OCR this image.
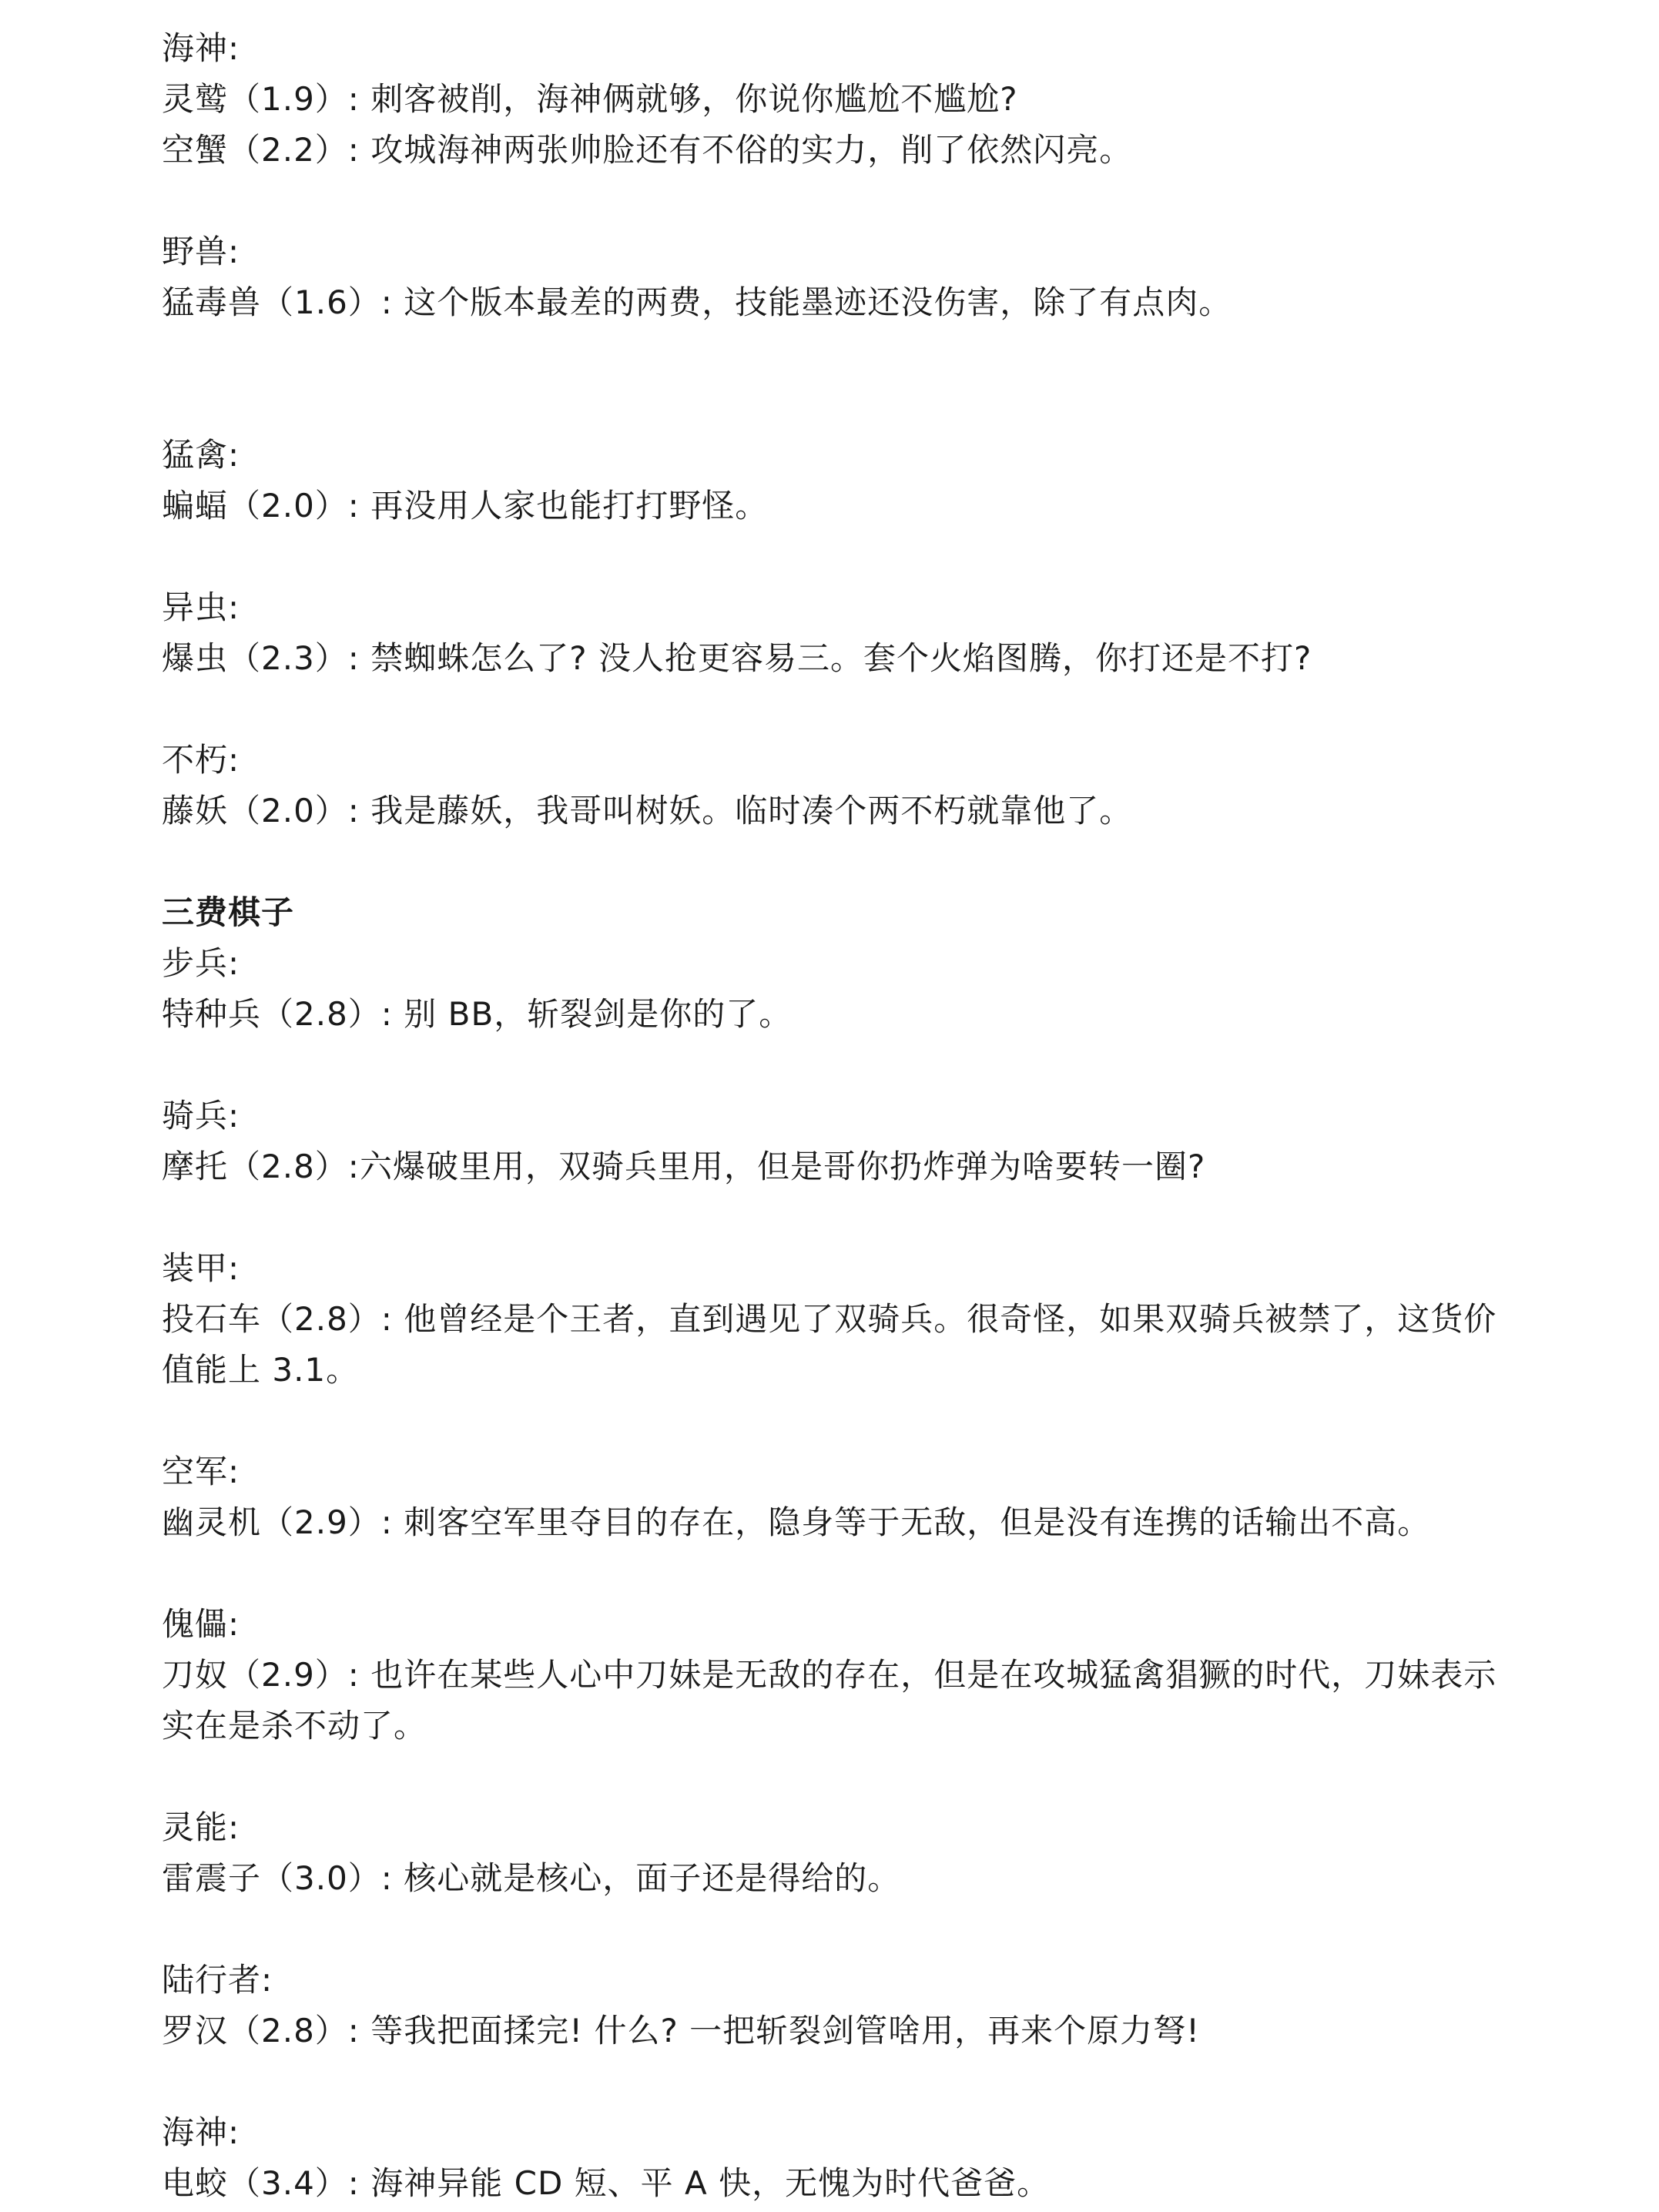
海神:
灵鹫（1.9）: 刺客被削，海神俩就够，你说你尴尬不尴尬?
空蟹（2.2）: 攻城海神两张帅脸还有不俗的实力，削了依然闪亮。
野兽:
猛毒兽（1.6）: 这个版本最差的两费，技能墨迹还没伤害，除了有点肉。
猛禽:
蝙蝠（2.0）: 再没用人家也能打打野怪。
异虫:
爆虫（2.3）: 禁蜘蛛怎么了? 没人抢更容易三。套个火焰图腾，你打还是不打?
不朽:
藤妖（2.0）: 我是藤妖，我哥叫树妖。临时凑个两不朽就靠他了。
三费棋子
步兵:
特种兵（2.8）: 别 BB，斩裂剑是你的了。
骑兵:
摩托（2.8）:六爆破里用，双骑兵里用，但是哥你扔炸弹为啥要转一圈?
装甲:
投石车（2.8）: 他曾经是个王者，直到遇见了双骑兵。很奇怪，如果双骑兵被禁了，这货价
值能上 3.1。
空军:
幽灵机（2.9）: 刺客空军里夺目的存在，隐身等于无敌，但是没有连携的话输出不高。
傀儡:
刀奴（2.9）: 也许在某些人心中刀妹是无敌的存在，但是在攻城猛禽猖獗的时代，刀妹表示
实在是杀不动了。
灵能:
雷震子（3.0）: 核心就是核心，面子还是得给的。
陆行者:
罗汉（2.8）: 等我把面揉完! 什么? 一把斩裂剑管啥用，再来个原力弩!
海神:
电蛟（3.4）: 海神异能 CD 短、平 A 快，无愧为时代爸爸。
